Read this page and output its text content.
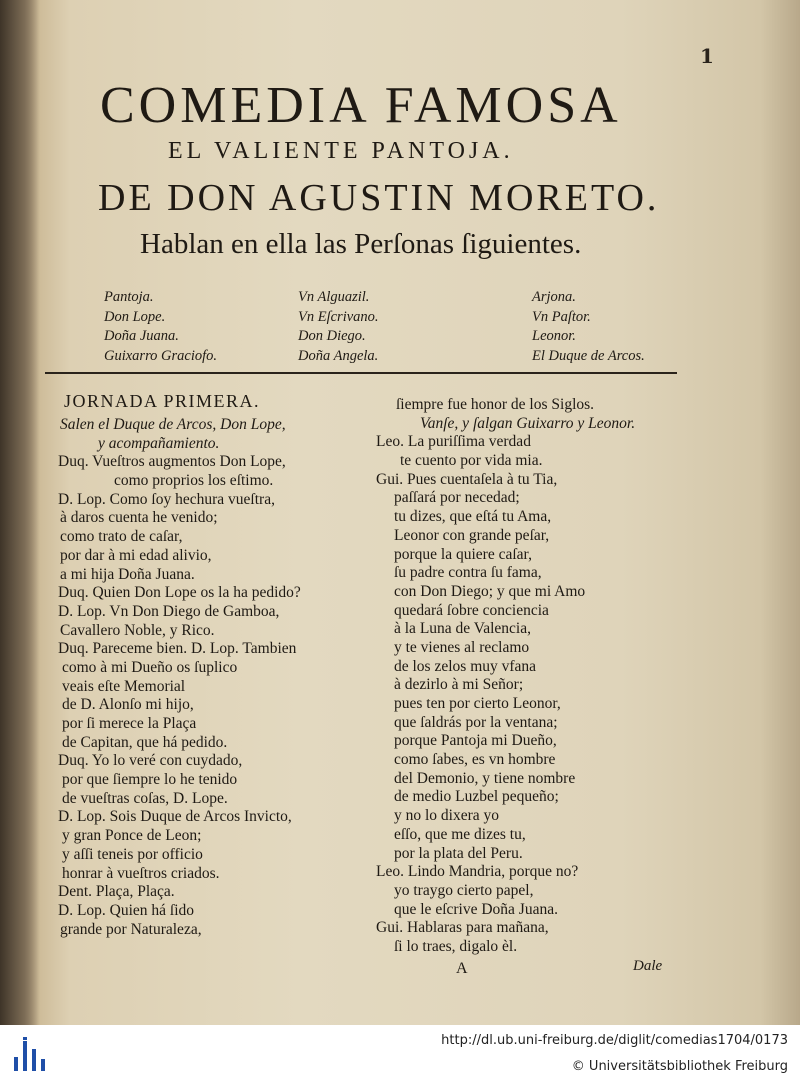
1
COMEDIA FAMOSA
EL VALIENTE PANTOJA.
DE DON AGUSTIN MORETO.
Hablan en ella las Perſonas ſiguientes.
Pantoja.
Don Lope.
Doña Juana.
Guixarro Graciofo.
Vn Alguazil.
Vn Eſcrivano.
Don Diego.
Doña Angela.
Arjona.
Vn Paſtor.
Leonor.
El Duque de Arcos.
JORNADA PRIMERA.
Salen el Duque de Arcos, Don Lope,
y acompañamiento.
Duq. Vueſtros augmentos Don Lope,
como proprios los eſtimo.
D. Lop. Como ſoy hechura vueſtra,
à daros cuenta he venido;
como trato de caſar,
por dar à mi edad alivio,
a mi hija Doña Juana.
Duq. Quien Don Lope os la ha pedido?
D. Lop. Vn Don Diego de Gamboa,
Cavallero Noble, y Rico.
Duq. Pareceme bien. D. Lop. Tambien
como à mi Dueño os ſuplico
veais eſte Memorial
de D. Alonſo mi hijo,
por ſi merece la Plaça
de Capitan, que há pedido.
Duq. Yo lo veré con cuydado,
por que ſiempre lo he tenido
de vueſtras coſas, D. Lope.
D. Lop. Sois Duque de Arcos Invicto,
y gran Ponce de Leon;
y aſſi teneis por officio
honrar à vueſtros criados.
Dent. Plaça, Plaça.
D. Lop. Quien há ſido
grande por Naturaleza,
ſiempre fue honor de los Siglos.
Vanſe, y ſalgan Guixarro y Leonor.
Leo. La puriſſima verdad
te cuento por vida mia.
Gui. Pues cuentaſela à tu Tia,
paſſará por necedad;
tu dizes, que eſtá tu Ama,
Leonor con grande peſar,
porque la quiere caſar,
ſu padre contra ſu fama,
con Don Diego; y que mi Amo
quedará ſobre conciencia
à la Luna de Valencia,
y te vienes al reclamo
de los zelos muy vfana
à dezirlo à mi Señor;
pues ten por cierto Leonor,
que ſaldrás por la ventana;
porque Pantoja mi Dueño,
como ſabes, es vn hombre
del Demonio, y tiene nombre
de medio Luzbel pequeño;
y no lo dixera yo
eſſo, que me dizes tu,
por la plata del Peru.
Leo. Lindo Mandria, porque no?
yo traygo cierto papel,
que le eſcrive Doña Juana.
Gui. Hablaras para mañana,
ſi lo traes, digalo èl.
A	Dale
http://dl.ub.uni-freiburg.de/diglit/comedias1704/0173
© Universitätsbibliothek Freiburg
